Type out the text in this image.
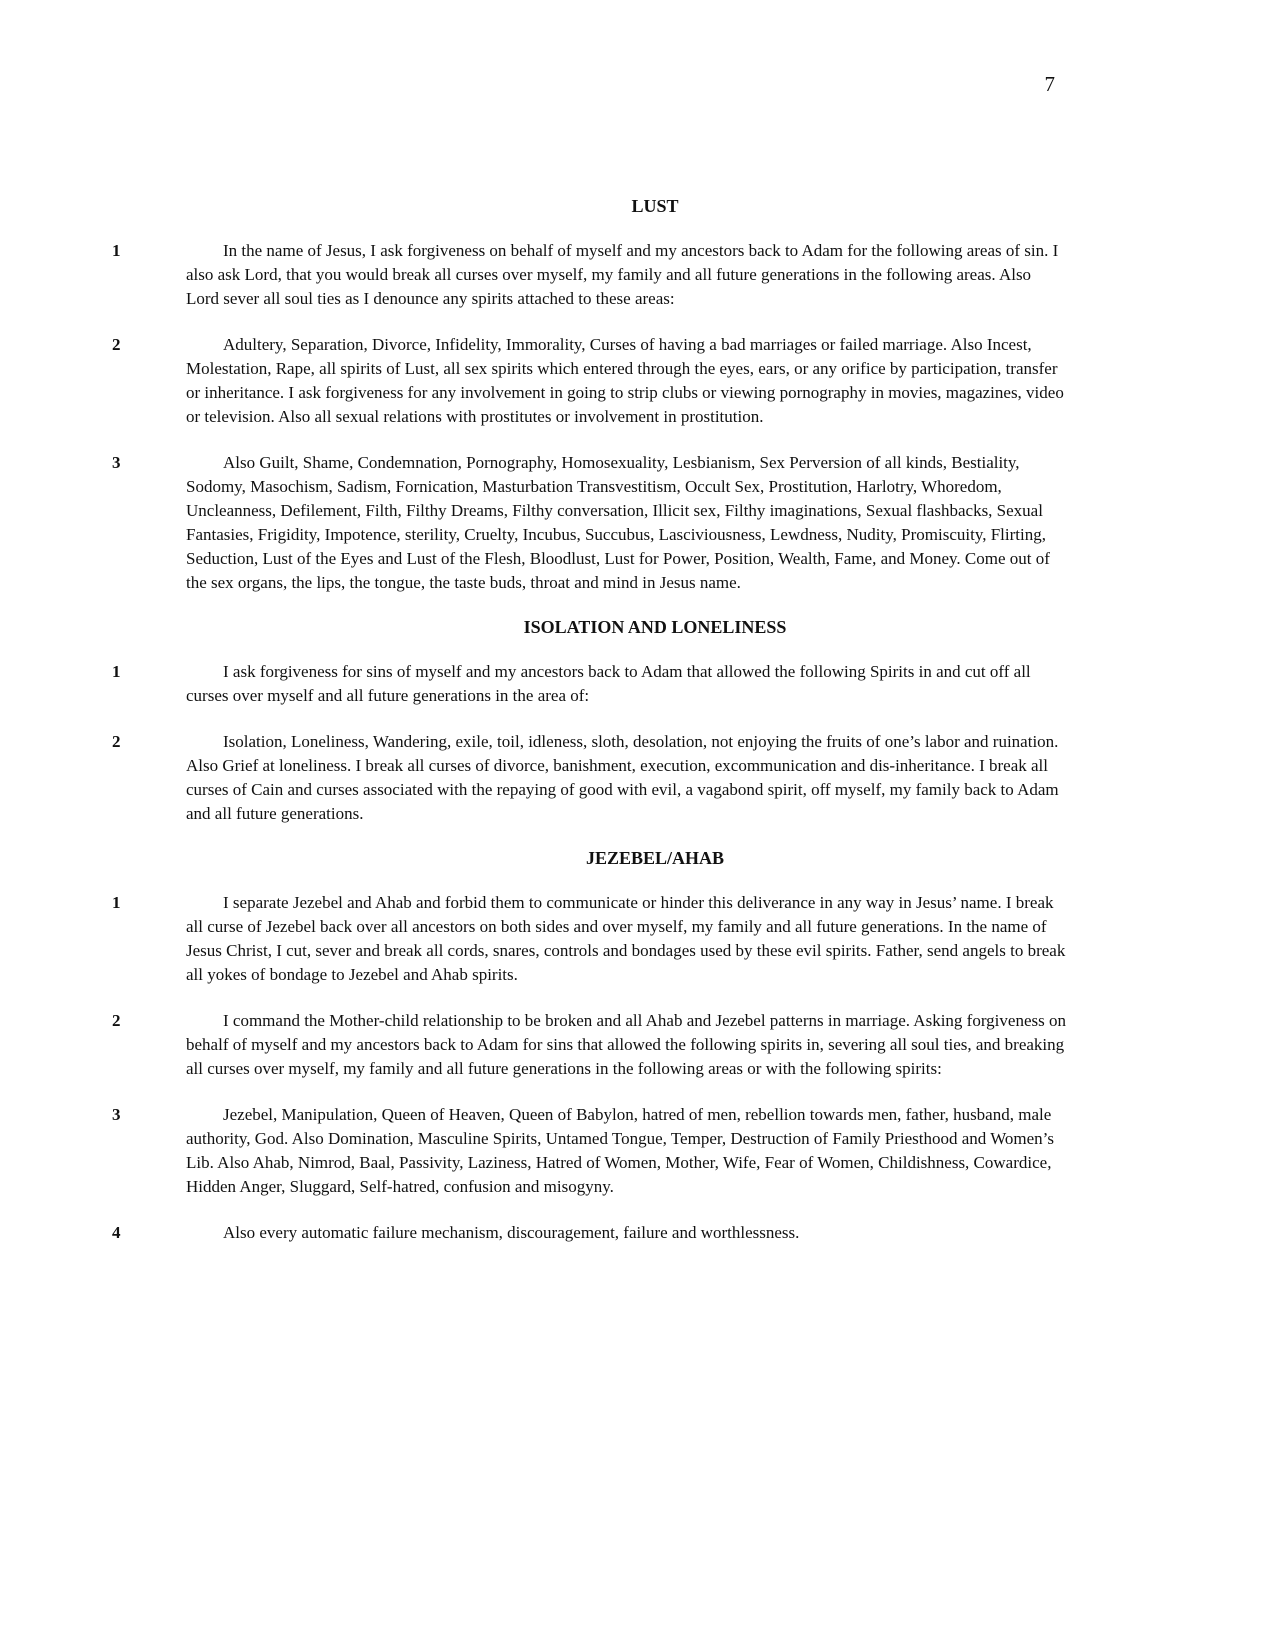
7
LUST
1	In the name of Jesus, I ask forgiveness on behalf of myself and my ancestors back to Adam for the following areas of sin. I also ask Lord, that you would break all curses over myself, my family and all future generations in the following areas. Also Lord sever all soul ties as I denounce any spirits attached to these areas:
2	Adultery, Separation, Divorce, Infidelity, Immorality, Curses of having a bad marriages or failed marriage. Also Incest, Molestation, Rape, all spirits of Lust, all sex spirits which entered through the eyes, ears, or any orifice by participation, transfer or inheritance. I ask forgiveness for any involvement in going to strip clubs or viewing pornography in movies, magazines, video or television. Also all sexual relations with prostitutes or involvement in prostitution.
3	Also Guilt, Shame, Condemnation, Pornography, Homosexuality, Lesbianism, Sex Perversion of all kinds, Bestiality, Sodomy, Masochism, Sadism, Fornication, Masturbation Transvestitism, Occult Sex, Prostitution, Harlotry, Whoredom, Uncleanness, Defilement, Filth, Filthy Dreams, Filthy conversation, Illicit sex, Filthy imaginations, Sexual flashbacks, Sexual Fantasies, Frigidity, Impotence, sterility, Cruelty, Incubus, Succubus, Lasciviousness, Lewdness, Nudity, Promiscuity, Flirting, Seduction, Lust of the Eyes and Lust of the Flesh, Bloodlust, Lust for Power, Position, Wealth, Fame, and Money. Come out of the sex organs, the lips, the tongue, the taste buds, throat and mind in Jesus name.
ISOLATION AND LONELINESS
1	I ask forgiveness for sins of myself and my ancestors back to Adam that allowed the following Spirits in and cut off all curses over myself and all future generations in the area of:
2	Isolation, Loneliness, Wandering, exile, toil, idleness, sloth, desolation, not enjoying the fruits of one’s labor and ruination. Also Grief at loneliness. I break all curses of divorce, banishment, execution, excommunication and dis-inheritance. I break all curses of Cain and curses associated with the repaying of good with evil, a vagabond spirit, off myself, my family back to Adam and all future generations.
JEZEBEL/AHAB
1	I separate Jezebel and Ahab and forbid them to communicate or hinder this deliverance in any way in Jesus’ name. I break all curse of Jezebel back over all ancestors on both sides and over myself, my family and all future generations. In the name of Jesus Christ, I cut, sever and break all cords, snares, controls and bondages used by these evil spirits. Father, send angels to break all yokes of bondage to Jezebel and Ahab spirits.
2	I command the Mother-child relationship to be broken and all Ahab and Jezebel patterns in marriage. Asking forgiveness on behalf of myself and my ancestors back to Adam for sins that allowed the following spirits in, severing all soul ties, and breaking all curses over myself, my family and all future generations in the following areas or with the following spirits:
3	Jezebel, Manipulation, Queen of Heaven, Queen of Babylon, hatred of men, rebellion towards men, father, husband, male authority, God. Also Domination, Masculine Spirits, Untamed Tongue, Temper, Destruction of Family Priesthood and Women’s Lib. Also Ahab, Nimrod, Baal, Passivity, Laziness, Hatred of Women, Mother, Wife, Fear of Women, Childishness, Cowardice, Hidden Anger, Sluggard, Self-hatred, confusion and misogyny.
4	Also every automatic failure mechanism, discouragement, failure and worthlessness.
